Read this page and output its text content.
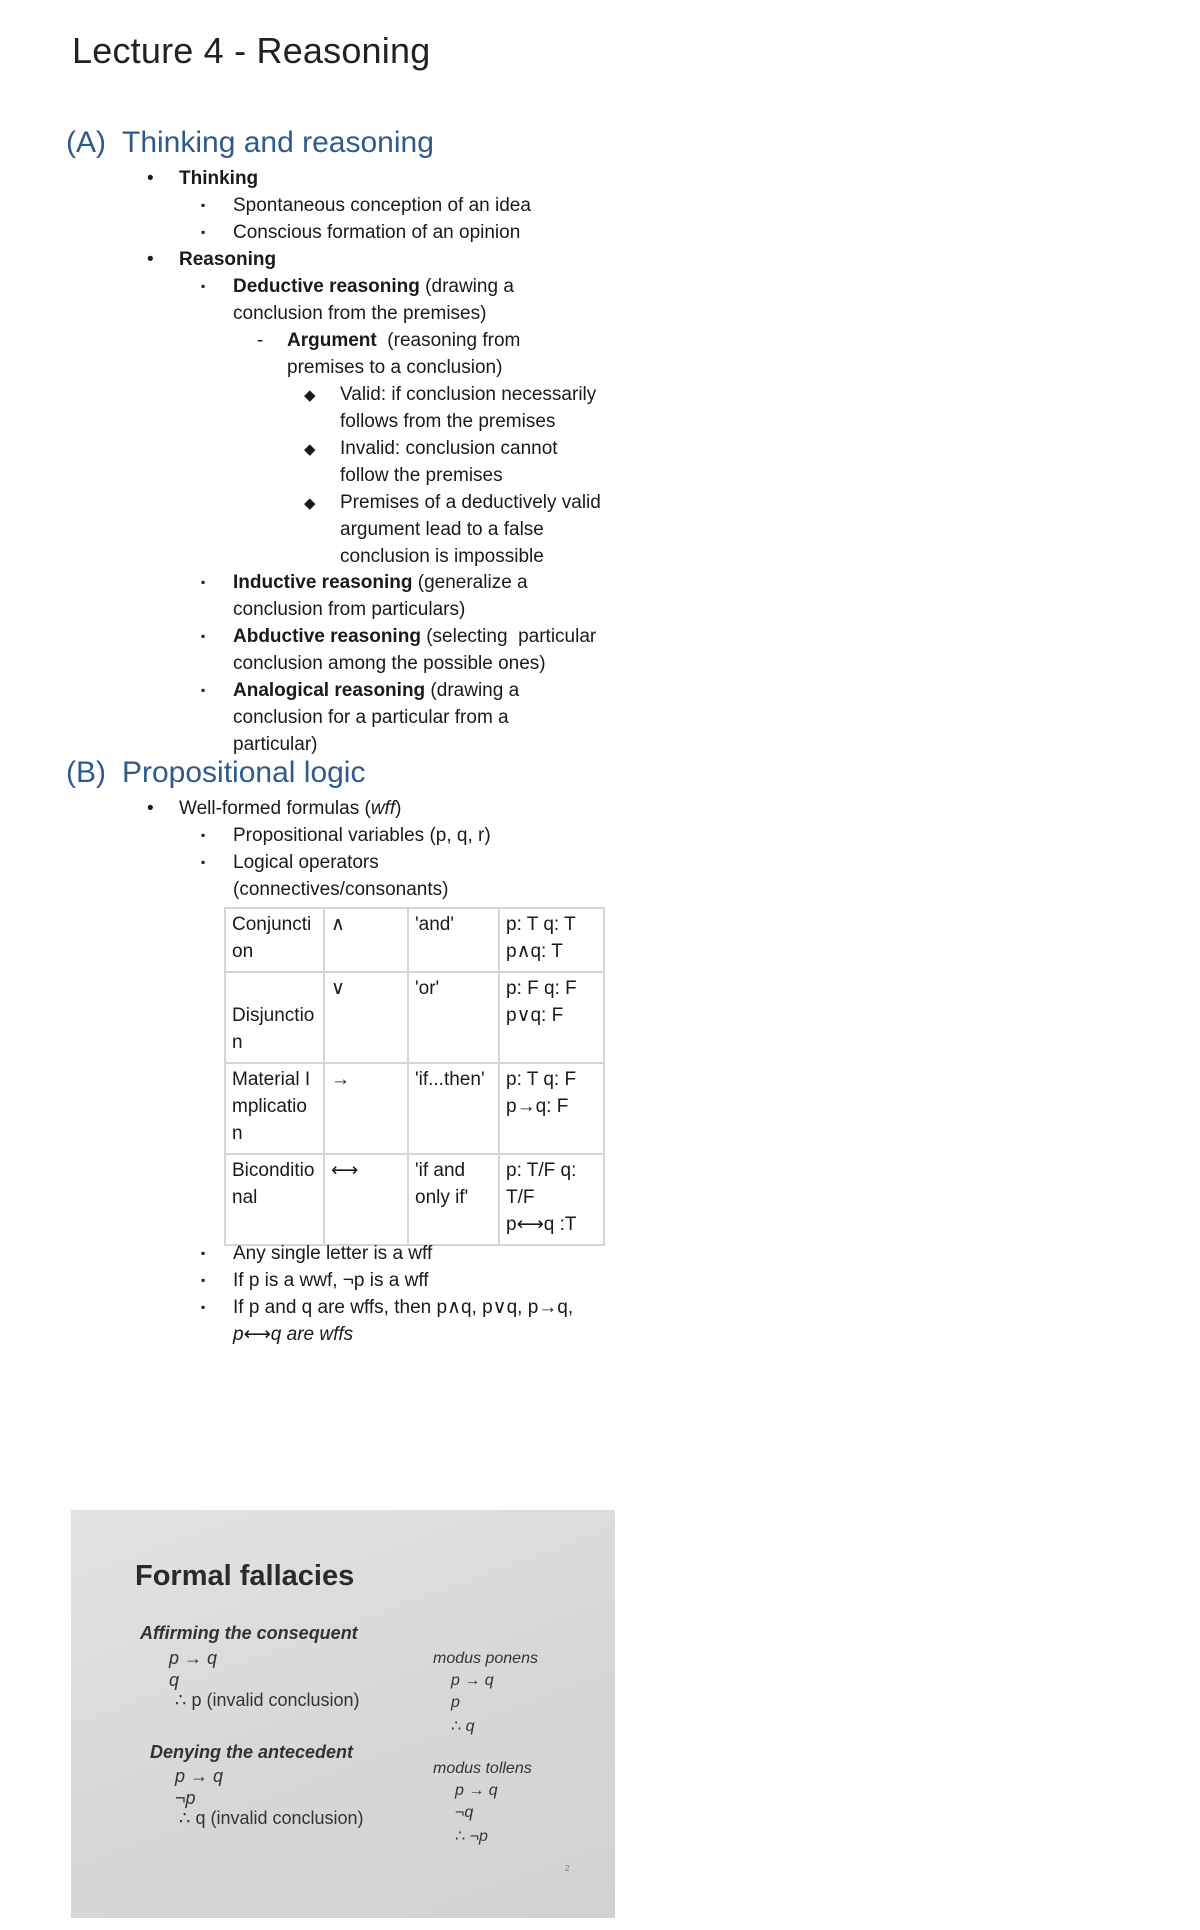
Lecture 4 - Reasoning
(A) Thinking and reasoning
• Thinking
▪ Spontaneous conception of an idea
▪ Conscious formation of an opinion
• Reasoning
▪ Deductive reasoning (drawing a
conclusion from the premises)
- Argument  (reasoning from
premises to a conclusion)
◆ Valid: if conclusion necessarily
follows from the premises
◆ Invalid: conclusion cannot
follow the premises
◆ Premises of a deductively valid
argument lead to a false
conclusion is impossible
▪ Inductive reasoning (generalize a
conclusion from particulars)
▪ Abductive reasoning (selecting  particular
conclusion among the possible ones)
▪ Analogical reasoning (drawing a
conclusion for a particular from a
particular)
(B) Propositional logic
• Well-formed formulas (wff)
▪ Propositional variables (p, q, r)
▪ Logical operators
(connectives/consonants)
Conjunction	∧	'and'	p: T q: T
p∧q: T

Disjunction	∨	'or'	p: F q: F
p∨q: F

Material Implication	→	'if...then'	p: T q: F
p→q: F

Biconditional	⟷	'if and only if'	p: T/F q: T/F
p⟷q :T
▪ Any single letter is a wff
▪ If p is a wwf, ¬p is a wff
▪ If p and q are wffs, then p∧q, p∨q, p→q,
p⟷q are wffs
Formal fallacies
Affirming the consequent
p → q
q
∴ p (invalid conclusion)
Denying the antecedent
p → q
¬p
∴ q (invalid conclusion)
modus ponens
p → q
p
∴ q
modus tollens
p → q
¬q
∴ ¬p
2
